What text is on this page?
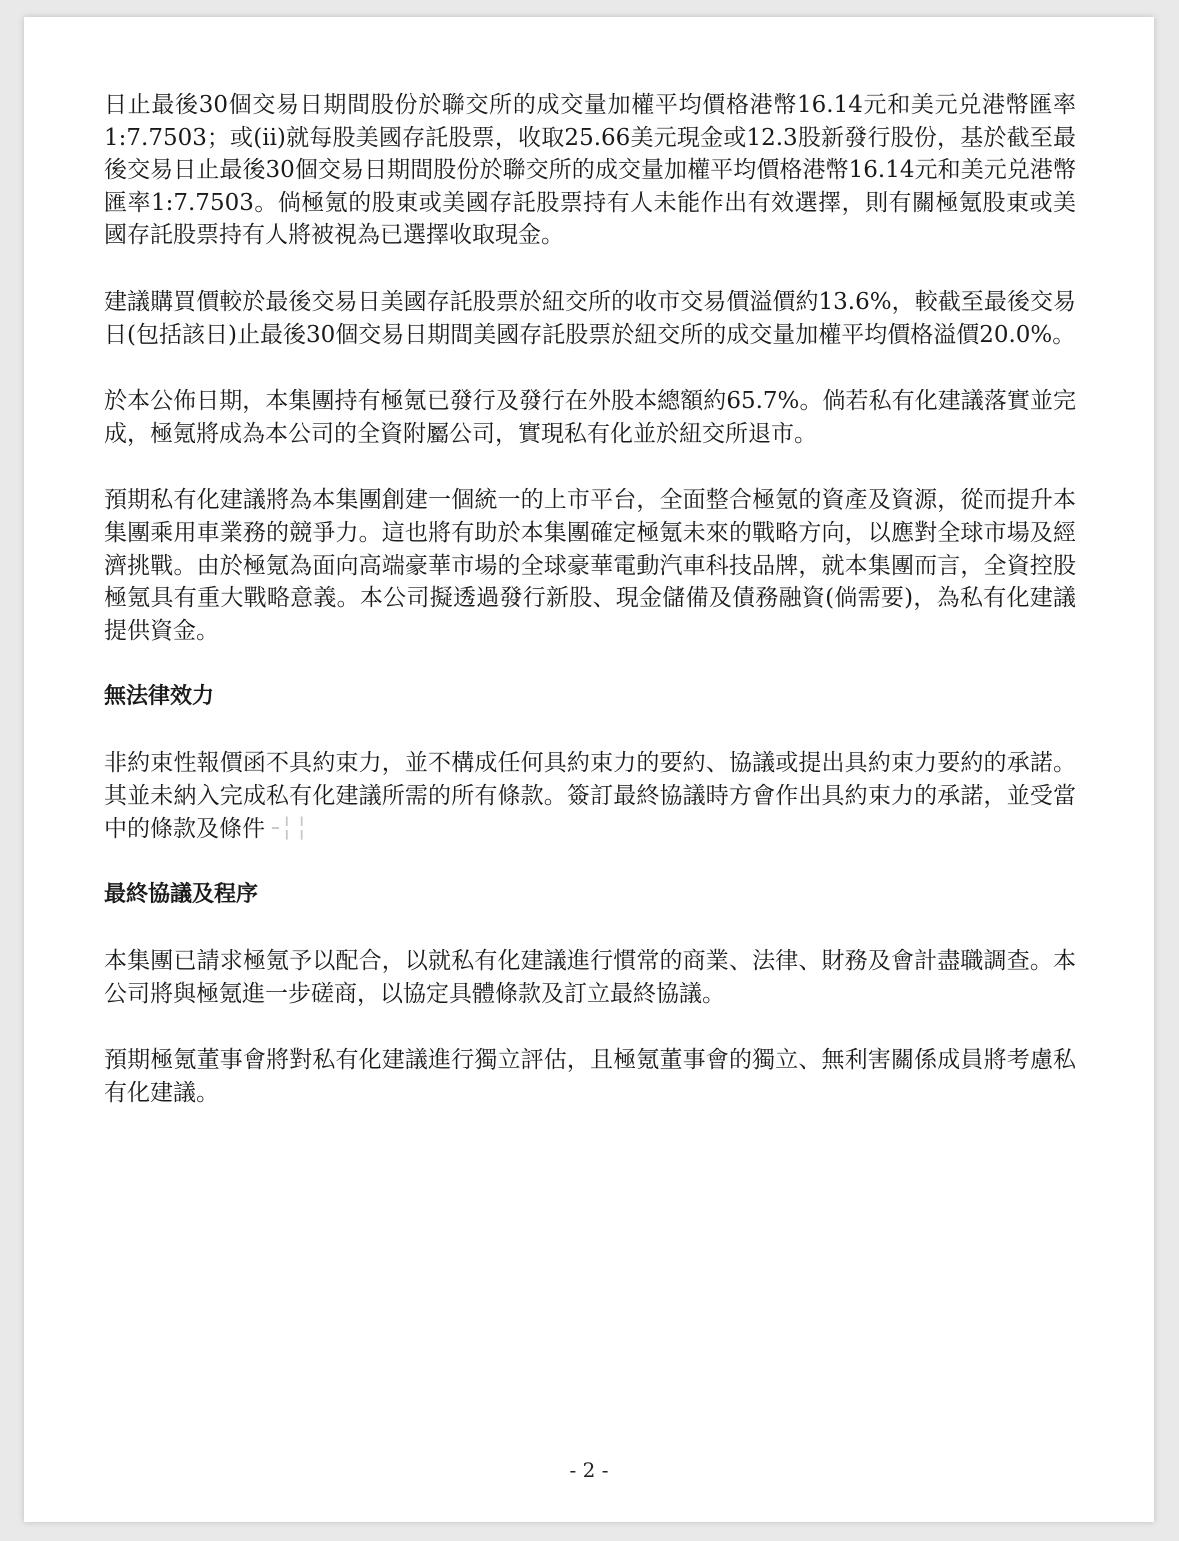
日止最後30個交易日期間股份於聯交所的成交量加權平均價格港幣16.14元和美元兑港幣匯率1:7.7503；或(ii)就每股美國存託股票，收取25.66美元現金或12.3股新發行股份，基於截至最後交易日止最後30個交易日期間股份於聯交所的成交量加權平均價格港幣16.14元和美元兑港幣匯率1:7.7503。倘極氪的股東或美國存託股票持有人未能作出有效選擇，則有關極氪股東或美國存託股票持有人將被視為已選擇收取現金。

建議購買價較於最後交易日美國存託股票於紐交所的收市交易價溢價約13.6%，較截至最後交易日(包括該日)止最後30個交易日期間美國存託股票於紐交所的成交量加權平均價格溢價20.0%。

於本公佈日期，本集團持有極氪已發行及發行在外股本總額約65.7%。倘若私有化建議落實並完成，極氪將成為本公司的全資附屬公司，實現私有化並於紐交所退市。

預期私有化建議將為本集團創建一個統一的上市平台，全面整合極氪的資產及資源，從而提升本集團乘用車業務的競爭力。這也將有助於本集團確定極氪未來的戰略方向，以應對全球市場及經濟挑戰。由於極氪為面向高端豪華市場的全球豪華電動汽車科技品牌，就本集團而言，全資控股極氪具有重大戰略意義。本公司擬透過發行新股、現金儲備及債務融資(倘需要)，為私有化建議提供資金。

無法律效力

非約束性報價函不具約束力，並不構成任何具約束力的要約、協議或提出具約束力要約的承諾。其並未納入完成私有化建議所需的所有條款。簽訂最終協議時方會作出具約束力的承諾，並受當中的條款及條件╶╎╎

最終協議及程序

本集團已請求極氪予以配合，以就私有化建議進行慣常的商業、法律、財務及會計盡職調查。本公司將與極氪進一步磋商，以協定具體條款及訂立最終協議。

預期極氪董事會將對私有化建議進行獨立評估，且極氪董事會的獨立、無利害關係成員將考慮私有化建議。

- 2 -
